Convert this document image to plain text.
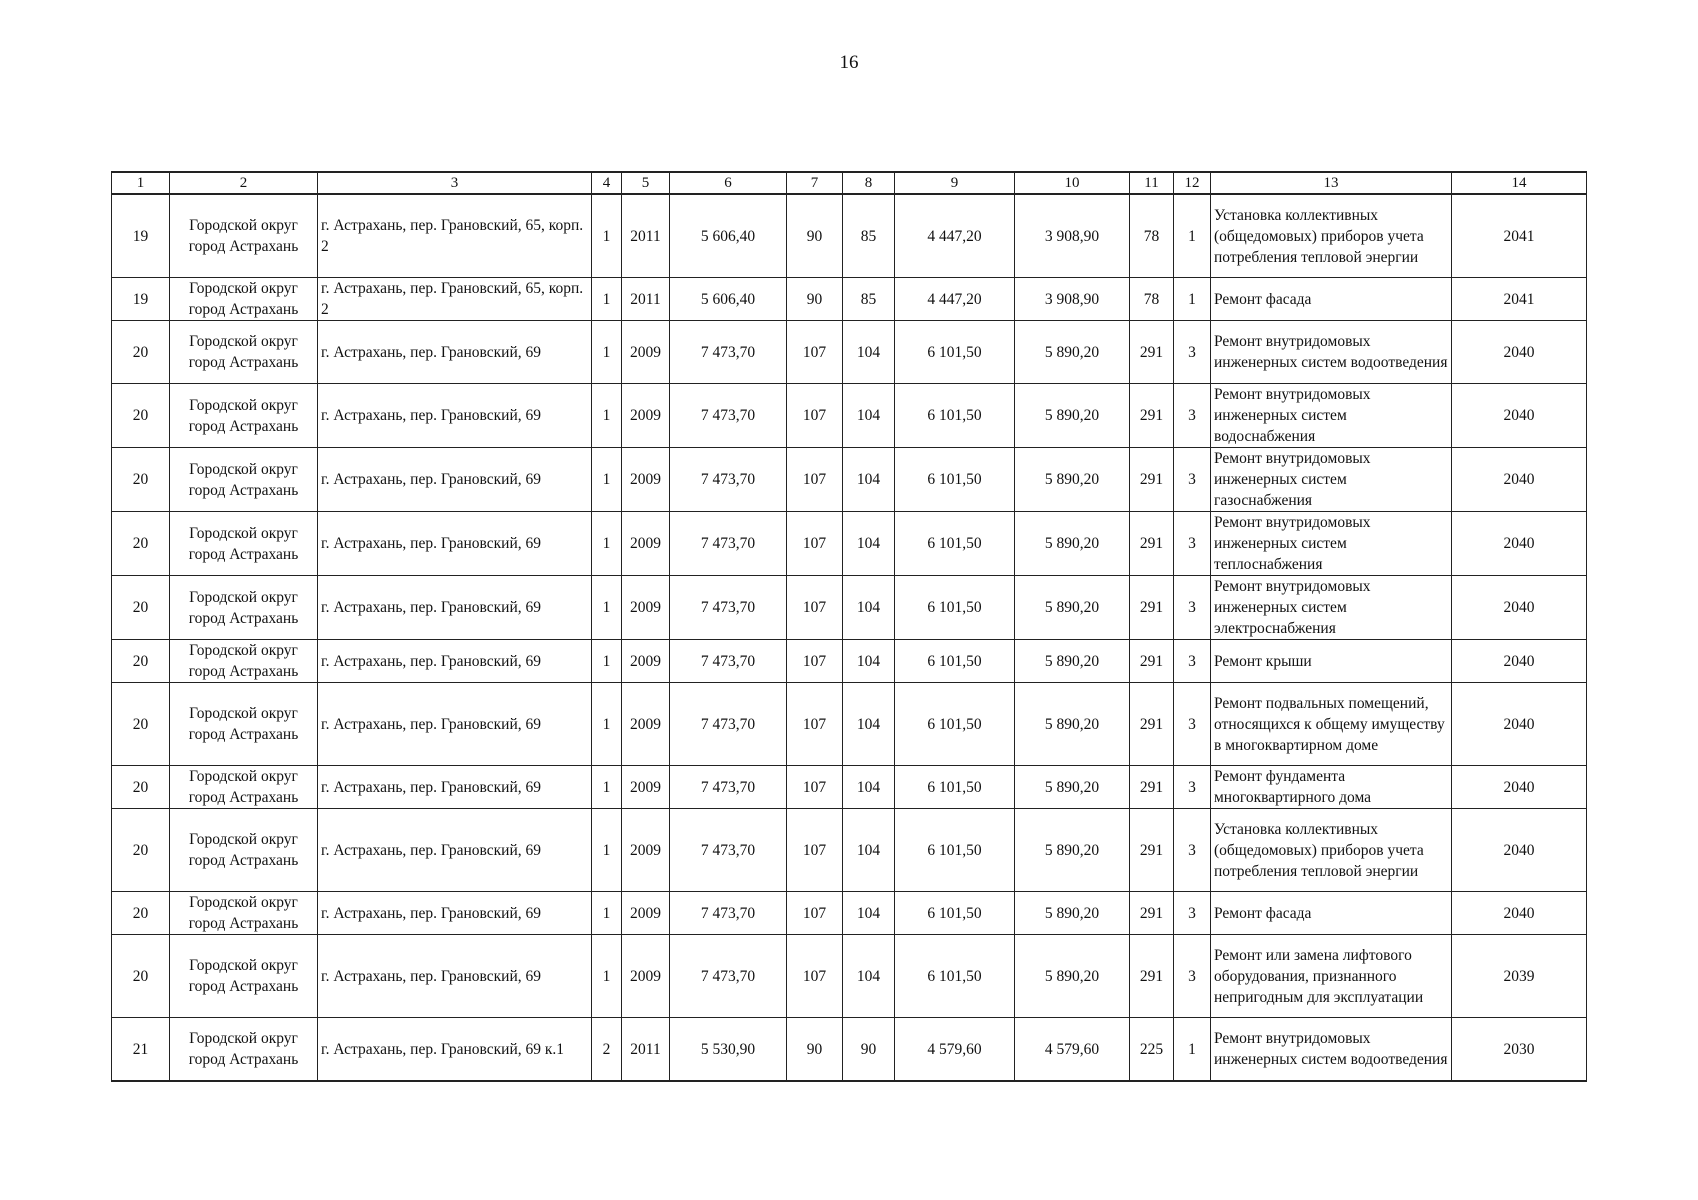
16
1	2	3	4	5	6	7	8	9	10	11	12	13	14
19	Городской округ город Астрахань	г. Астрахань, пер. Грановский, 65, корп. 2	1	2011	5 606,40	90	85	4 447,20	3 908,90	78	1	Установка коллективных (общедомовых) приборов учета потребления тепловой энергии	2041
19	Городской округ город Астрахань	г. Астрахань, пер. Грановский, 65, корп. 2	1	2011	5 606,40	90	85	4 447,20	3 908,90	78	1	Ремонт фасада	2041
20	Городской округ город Астрахань	г. Астрахань, пер. Грановский, 69	1	2009	7 473,70	107	104	6 101,50	5 890,20	291	3	Ремонт внутридомовых инженерных систем водоотведения	2040
20	Городской округ город Астрахань	г. Астрахань, пер. Грановский, 69	1	2009	7 473,70	107	104	6 101,50	5 890,20	291	3	Ремонт внутридомовых инженерных систем водоснабжения	2040
20	Городской округ город Астрахань	г. Астрахань, пер. Грановский, 69	1	2009	7 473,70	107	104	6 101,50	5 890,20	291	3	Ремонт внутридомовых инженерных систем газоснабжения	2040
20	Городской округ город Астрахань	г. Астрахань, пер. Грановский, 69	1	2009	7 473,70	107	104	6 101,50	5 890,20	291	3	Ремонт внутридомовых инженерных систем теплоснабжения	2040
20	Городской округ город Астрахань	г. Астрахань, пер. Грановский, 69	1	2009	7 473,70	107	104	6 101,50	5 890,20	291	3	Ремонт внутридомовых инженерных систем электроснабжения	2040
20	Городской округ город Астрахань	г. Астрахань, пер. Грановский, 69	1	2009	7 473,70	107	104	6 101,50	5 890,20	291	3	Ремонт крыши	2040
20	Городской округ город Астрахань	г. Астрахань, пер. Грановский, 69	1	2009	7 473,70	107	104	6 101,50	5 890,20	291	3	Ремонт подвальных помещений, относящихся к общему имуществу в многоквартирном доме	2040
20	Городской округ город Астрахань	г. Астрахань, пер. Грановский, 69	1	2009	7 473,70	107	104	6 101,50	5 890,20	291	3	Ремонт фундамента многоквартирного дома	2040
20	Городской округ город Астрахань	г. Астрахань, пер. Грановский, 69	1	2009	7 473,70	107	104	6 101,50	5 890,20	291	3	Установка коллективных (общедомовых) приборов учета потребления тепловой энергии	2040
20	Городской округ город Астрахань	г. Астрахань, пер. Грановский, 69	1	2009	7 473,70	107	104	6 101,50	5 890,20	291	3	Ремонт фасада	2040
20	Городской округ город Астрахань	г. Астрахань, пер. Грановский, 69	1	2009	7 473,70	107	104	6 101,50	5 890,20	291	3	Ремонт или замена лифтового оборудования, признанного непригодным для эксплуатации	2039
21	Городской округ город Астрахань	г. Астрахань, пер. Грановский, 69 к.1	2	2011	5 530,90	90	90	4 579,60	4 579,60	225	1	Ремонт внутридомовых инженерных систем водоотведения	2030
